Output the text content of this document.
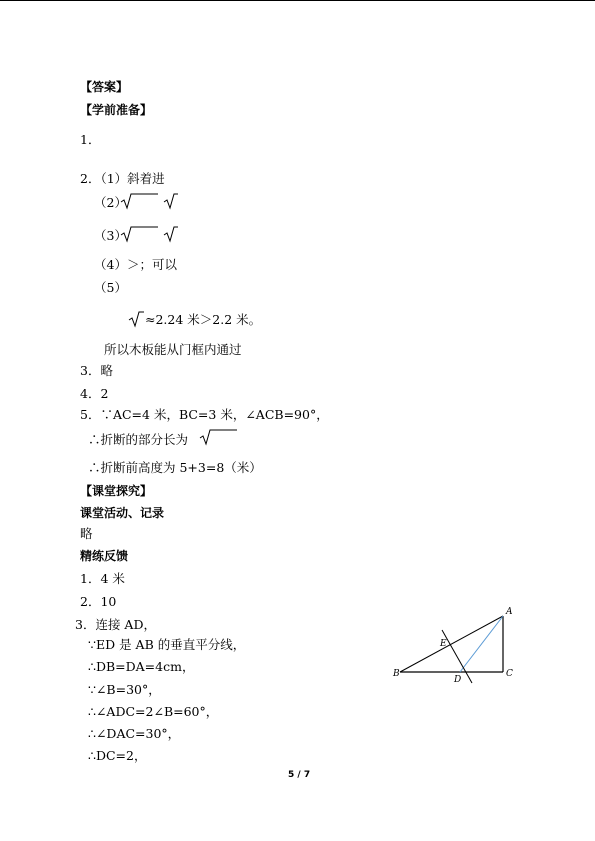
【答案】
【学前准备】
1．
2．（1）斜着进
（2）
（3）
（4）＞；可以
（5）
≈2.24 米＞2.2 米。
所以木板能从门框内通过
3．略
4．2
5．∵AC=4 米，BC=3 米，∠ACB=90°，
∴折断的部分长为
∴折断前高度为 5+3=8（米）
【课堂探究】
课堂活动、记录
略
精练反馈
1．4 米
2．10
3．连接 AD，
∵ED 是 AB 的垂直平分线，
∴DB=DA=4cm，
∵∠B=30°，
∴∠ADC=2∠B=60°，
∴∠DAC=30°，
∴DC=2，
A
B	C
D
E
5 / 7
